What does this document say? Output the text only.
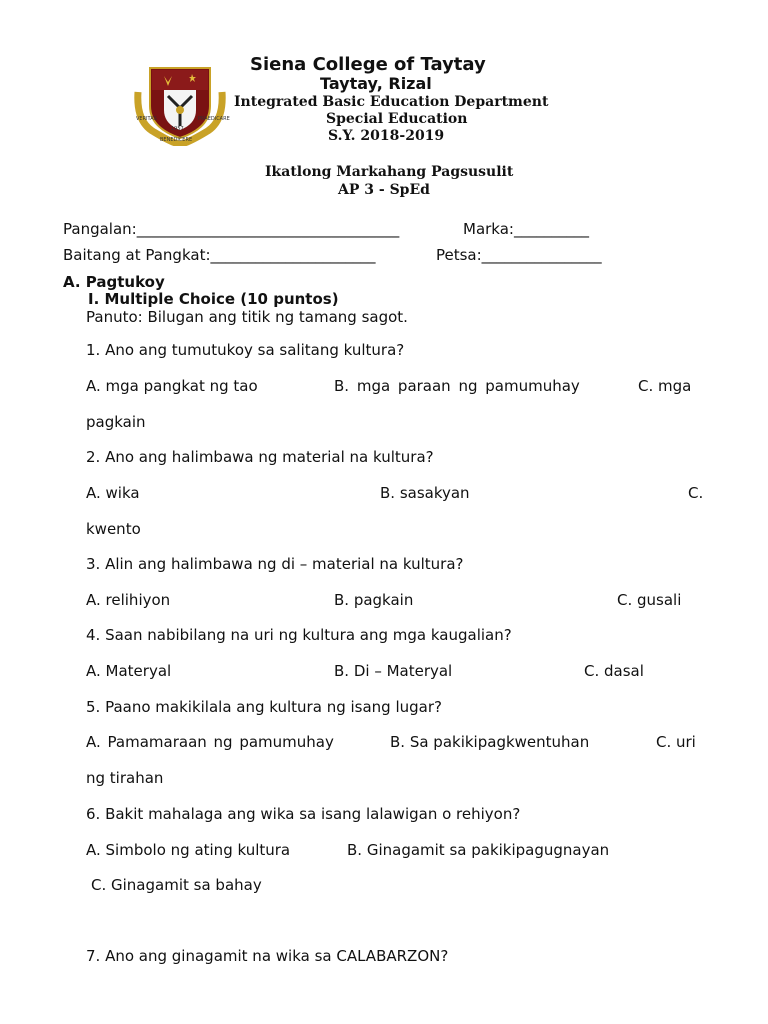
1957
VERITAS
BENEDICERE
PRAEDICARE
Siena College of Taytay
Taytay, Rizal
Integrated Basic Education Department
Special Education
S.Y. 2018-2019
Ikatlong Markahang Pagsusulit
AP 3 - SpEd
Pangalan:___________________________________	Marka:__________
Baitang at Pangkat:______________________	Petsa:________________
A. Pagtukoy
I. Multiple Choice (10 puntos)
Panuto: Bilugan ang titik ng tamang sagot.
1. Ano ang tumutukoy sa salitang kultura?
A. mga pangkat ng tao	B. mga paraan ng pamumuhay	C. mga
pagkain
2. Ano ang halimbawa ng material na kultura?
A. wika	B. sasakyan	C.
kwento
3. Alin ang halimbawa ng di – material na kultura?
A. relihiyon	B. pagkain	C. gusali
4. Saan nabibilang na uri ng kultura ang mga kaugalian?
A. Materyal	B. Di – Materyal	C. dasal
5. Paano makikilala ang kultura ng isang lugar?
A. Pamamaraan ng pamumuhay	B. Sa pakikipagkwentuhan	C. uri
ng tirahan
6. Bakit mahalaga ang wika sa isang lalawigan o rehiyon?
A. Simbolo ng ating kultura	B. Ginagamit sa pakikipagugnayan
C. Ginagamit sa bahay
7. Ano ang ginagamit na wika sa CALABARZON?
